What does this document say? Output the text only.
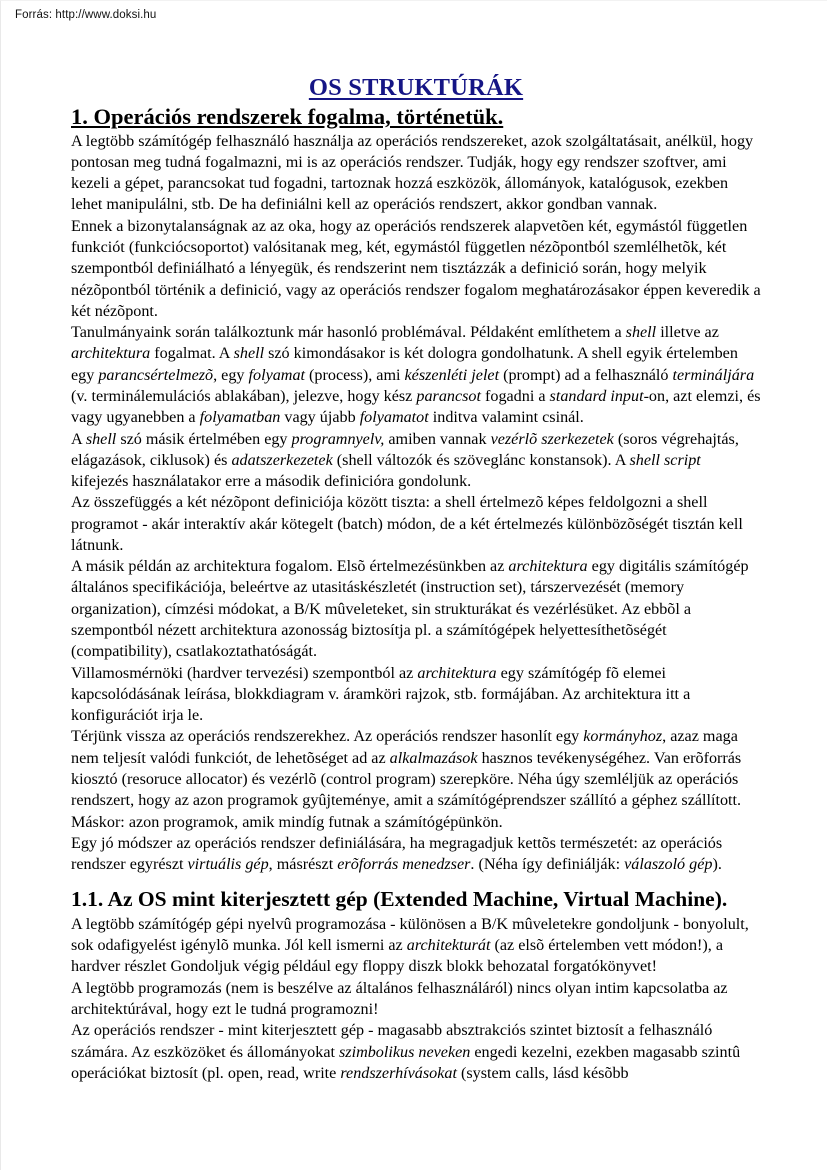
Forrás: http://www.doksi.hu
OS STRUKTÚRÁK
1. Operációs rendszerek fogalma, történetük.

A legtöbb számítógép felhasználó használja az operációs rendszereket, azok szolgáltatásait, anélkül, hogy pontosan meg tudná fogalmazni, mi is az operációs rendszer. Tudják, hogy egy rendszer szoftver, ami kezeli a gépet, parancsokat tud fogadni, tartoznak hozzá eszközök, állományok, katalógusok, ezekben lehet manipulálni, stb. De ha definiálni kell az operációs rendszert, akkor gondban vannak.

Ennek a bizonytalanságnak az az oka, hogy az operációs rendszerek alapvetõen két, egymástól független funkciót (funkciócsoportot) valósitanak meg, két, egymástól független nézõpontból szemlélhetõk, két szempontból definiálható a lényegük, és rendszerint nem tisztázzák a definició során, hogy melyik nézõpontból történik a definició, vagy az operációs rendszer fogalom meghatározásakor éppen keveredik a két nézõpont.

Tanulmányaink során találkoztunk már hasonló problémával. Példaként említhetem a shell illetve az architektura fogalmat. A shell szó kimondásakor is két dologra gondolhatunk. A shell egyik értelemben egy parancsértelmezõ, egy folyamat (process), ami készenléti jelet (prompt) ad a felhasználó termináljára (v. terminálemulációs ablakában), jelezve, hogy kész parancsot fogadni a standard input-on, azt elemzi, és vagy ugyanebben a folyamatban vagy újabb folyamatot inditva valamint csinál.

A shell szó másik értelmében egy programnyelv, amiben vannak vezérlõ szerkezetek (soros végrehajtás, elágazások, ciklusok) és adatszerkezetek (shell változók és szöveglánc konstansok). A shell script kifejezés használatakor erre a második definicióra gondolunk.

Az összefüggés a két nézõpont definiciója között tiszta: a shell értelmezõ képes feldolgozni a shell programot - akár interaktív akár kötegelt (batch) módon, de a két értelmezés különbözõségét tisztán kell látnunk.

A másik példán az architektura fogalom. Elsõ értelmezésünkben az architektura egy digitális számítógép általános specifikációja, beleértve az utasitáskészletét (instruction set), társzervezését (memory organization), címzési módokat, a B/K mûveleteket, sin strukturákat és vezérlésüket. Az ebbõl a szempontból nézett architektura azonosság biztosítja pl. a számítógépek helyettesíthetõségét (compatibility), csatlakoztathatóságát.

Villamosmérnöki (hardver tervezési) szempontból az architektura egy számítógép fõ elemei kapcsolódásának leírása, blokkdiagram v. áramköri rajzok, stb. formájában. Az architektura itt a konfigurációt irja le.

Térjünk vissza az operációs rendszerekhez. Az operációs rendszer hasonlít egy kormányhoz, azaz maga nem teljesít valódi funkciót, de lehetõséget ad az alkalmazások hasznos tevékenységéhez. Van erõforrás kiosztó (resoruce allocator) és vezérlõ (control program) szerepköre. Néha úgy szemléljük az operációs rendszert, hogy az azon programok gyûjteménye, amit a számítógéprendszer szállító a géphez szállított. Máskor: azon programok, amik mindíg futnak a számítógépünkön.

Egy jó módszer az operációs rendszer definiálására, ha megragadjuk kettõs természetét: az operációs rendszer egyrészt virtuális gép, másrészt erõforrás menedzser. (Néha így definiálják: válaszoló gép).

1.1. Az OS mint kiterjesztett gép (Extended Machine, Virtual Machine).

A legtöbb számítógép gépi nyelvû programozása - különösen a B/K mûveletekre gondoljunk - bonyolult, sok odafigyelést igénylõ munka. Jól kell ismerni az architekturát (az elsõ értelemben vett módon!), a hardver részlet Gondoljuk végig például egy floppy diszk blokk behozatal forgatókönyvet!

A legtöbb programozás (nem is beszélve az általános felhasználáról) nincs olyan intim kapcsolatba az architektúrával, hogy ezt le tudná programozni!

Az operációs rendszer - mint kiterjesztett gép - magasabb absztrakciós szintet biztosít a felhasználó számára. Az eszközöket és állományokat szimbolikus neveken engedi kezelni, ezekben magasabb szintû operációkat biztosít (pl. open, read, write rendszerhívásokat (system calls, lásd késõbb
